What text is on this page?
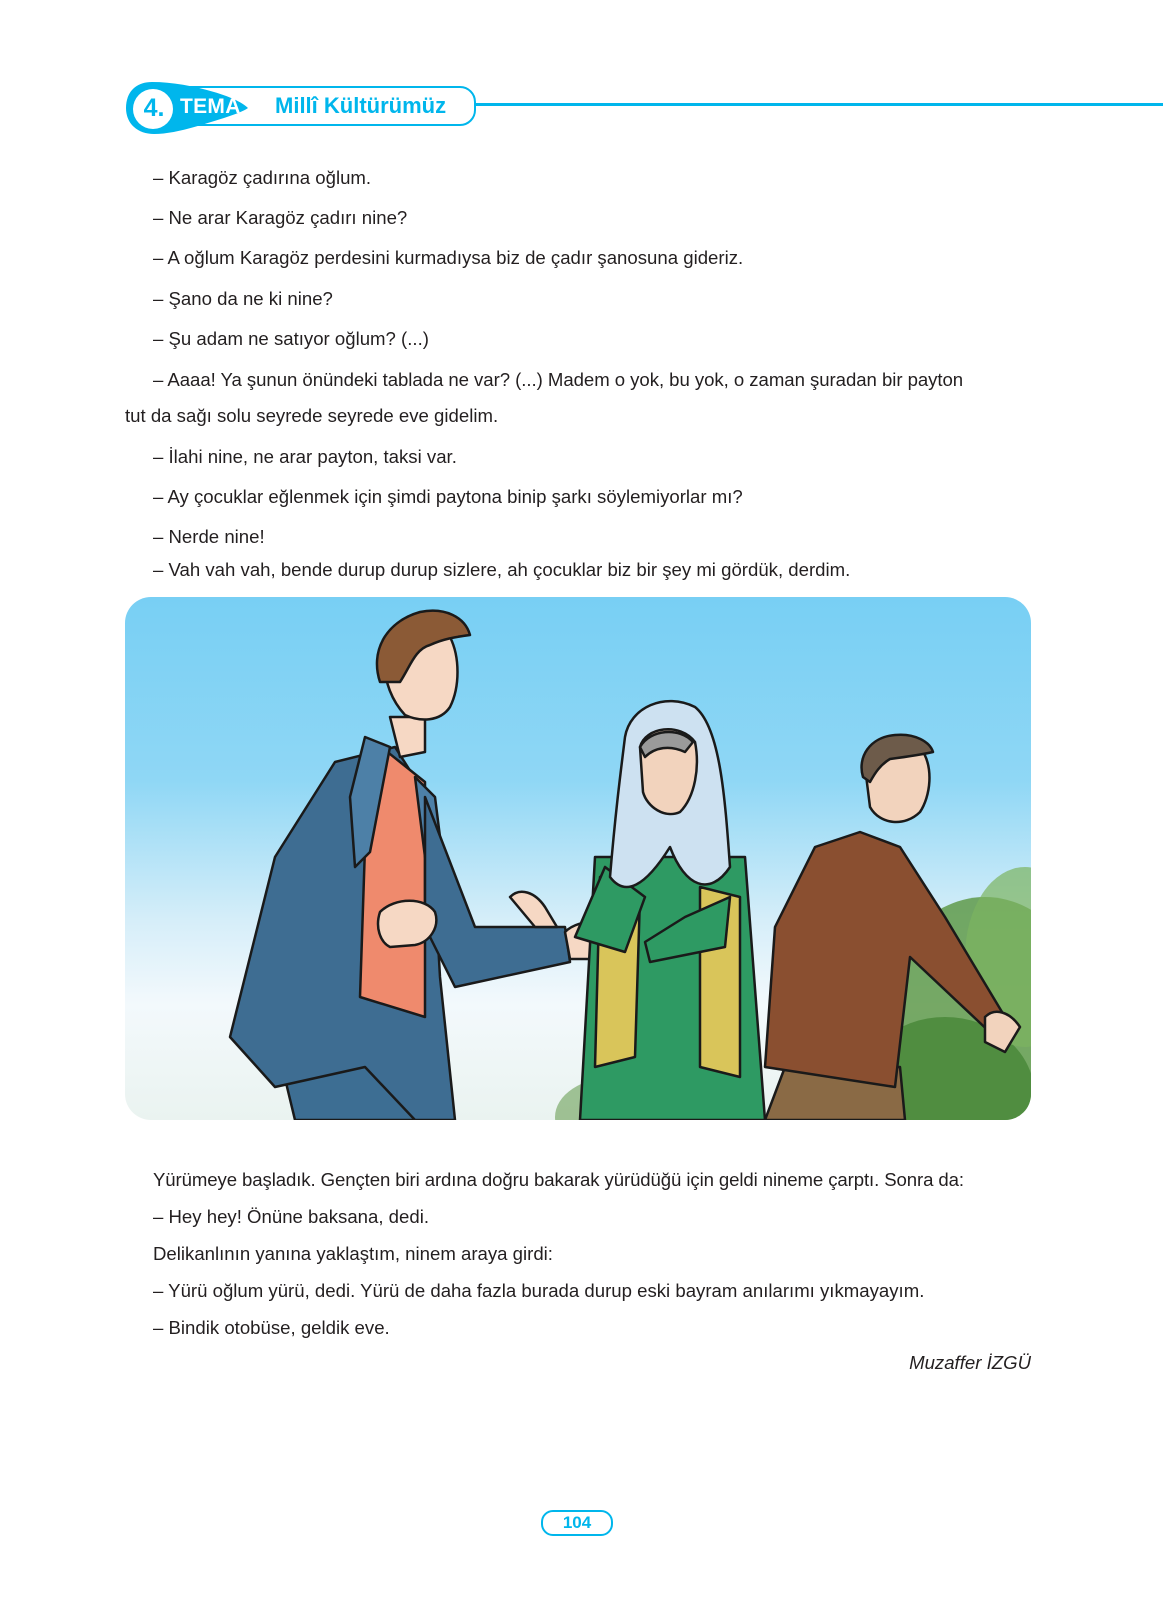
4. TEMA Millî Kültürümüz
– Karagöz çadırına oğlum.
– Ne arar Karagöz çadırı nine?
– A oğlum Karagöz perdesini kurmadıysa biz de çadır şanosuna gideriz.
– Şano da ne ki nine?
– Şu adam ne satıyor oğlum? (...)
– Aaaa! Ya şunun önündeki tablada ne var? (...) Madem o yok, bu yok, o zaman şuradan bir payton
tut da sağı solu seyrede seyrede eve gidelim.
– İlahi nine, ne arar payton, taksi var.
– Ay çocuklar eğlenmek için şimdi paytona binip şarkı söylemiyorlar mı?
– Nerde nine!
– Vah vah vah, bende durup durup sizlere, ah çocuklar biz bir şey mi gördük, derdim.
Yürümeye başladık. Gençten biri ardına doğru bakarak yürüdüğü için geldi nineme çarptı. Sonra da:
– Hey hey! Önüne baksana, dedi.
Delikanlının yanına yaklaştım, ninem araya girdi:
– Yürü oğlum yürü, dedi. Yürü de daha fazla burada durup eski bayram anılarımı yıkmayayım.
– Bindik otobüse, geldik eve.
Muzaffer İZGÜ
104
